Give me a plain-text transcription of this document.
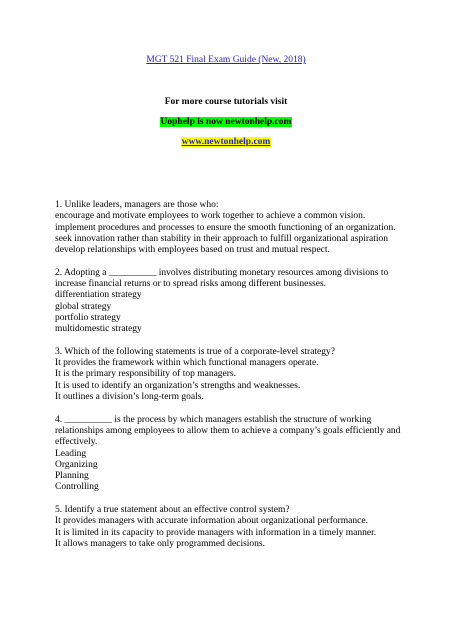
MGT 521 Final Exam Guide (New, 2018)
For more course tutorials visit
Uophelp is now newtonhelp.com
www.newtonhelp.com

1. Unlike leaders, managers are those who:

encourage and motivate employees to work together to achieve a common vision.

implement procedures and processes to ensure the smooth functioning of an organization.

seek innovation rather than stability in their approach to fulfill organizational aspiration

develop relationships with employees based on trust and mutual respect.

2. Adopting a __________ involves distributing monetary resources among divisions to increase financial returns or to spread risks among different businesses.

differentiation strategy

global strategy

portfolio strategy

multidomestic strategy

3. Which of the following statements is true of a corporate-level strategy?

It provides the framework within which functional managers operate.

It is the primary responsibility of top managers.

It is used to identify an organization’s strengths and weaknesses.

It outlines a division’s long-term goals.

4. __________ is the process by which managers establish the structure of working relationships among employees to allow them to achieve a company’s goals efficiently and effectively.

Leading

Organizing

Planning

Controlling

5. Identify a true statement about an effective control system?

It provides managers with accurate information about organizational performance.

It is limited in its capacity to provide managers with information in a timely manner.

It allows managers to take only programmed decisions.
